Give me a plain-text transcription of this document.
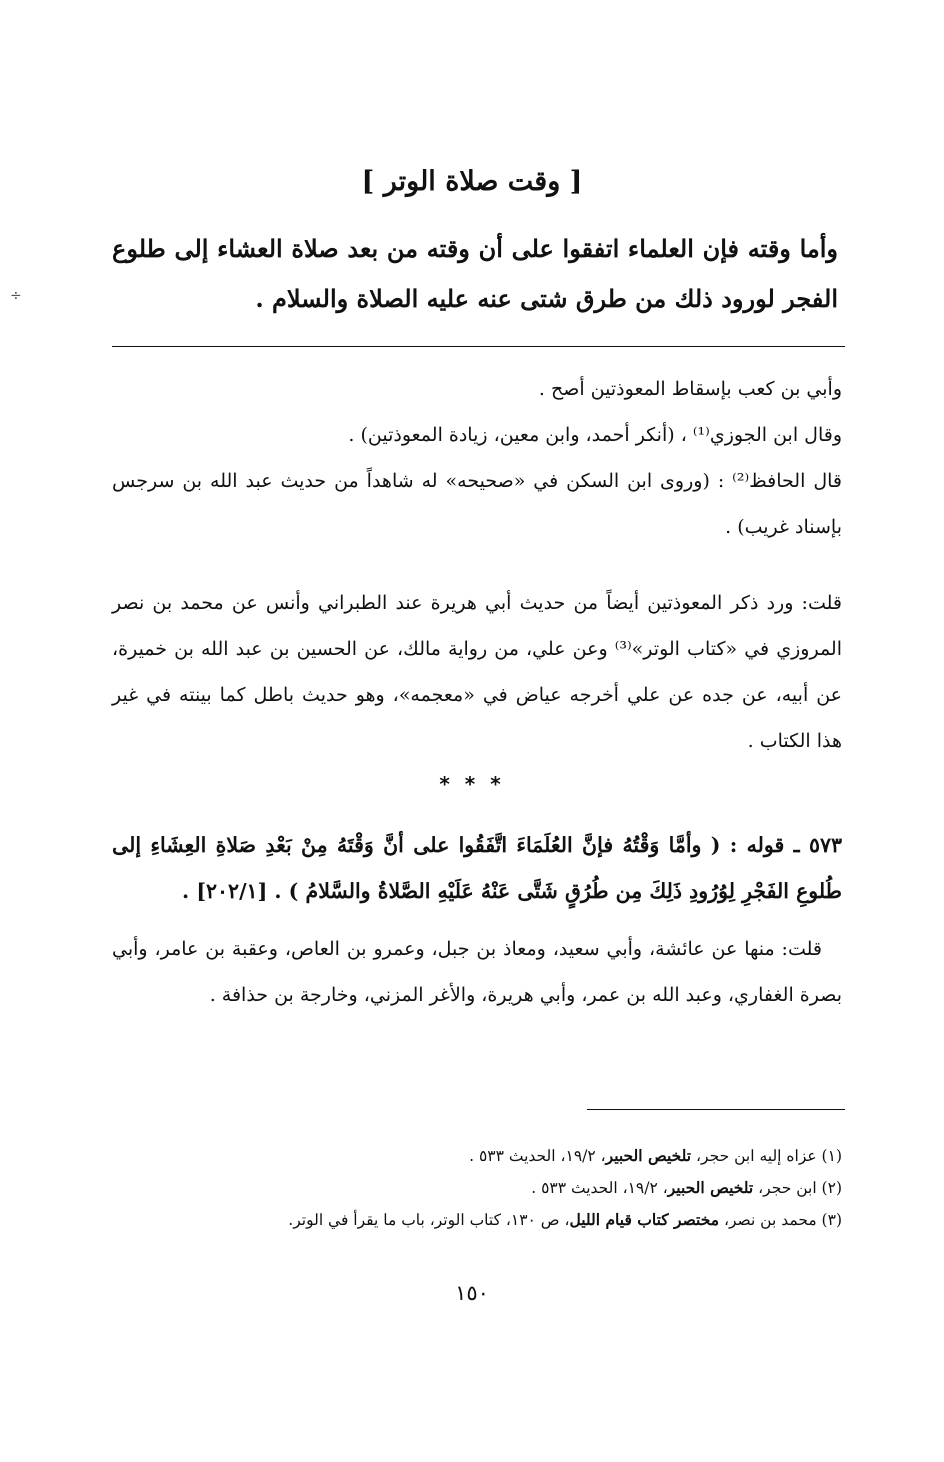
[ وقت صلاة الوتر ]
وأما وقته فإن العلماء اتفقوا على أن وقته من بعد صلاة العشاء إلى طلوع الفجر لورود ذلك من طرق شتى عنه عليه الصلاة والسلام .

وأبي بن كعب بإسقاط المعوذتين أصح .

وقال ابن الجوزي⁽¹⁾ ، (أنكر أحمد، وابن معين، زيادة المعوذتين) .

قال الحافظ⁽²⁾ : (وروى ابن السكن في «صحيحه» له شاهداً من حديث عبد الله بن سرجس بإسناد غريب) .

قلت: ورد ذكر المعوذتين أيضاً من حديث أبي هريرة عند الطبراني وأنس عن محمد بن نصر المروزي في «كتاب الوتر»⁽³⁾ وعن علي، من رواية مالك، عن الحسين بن عبد الله بن خميرة، عن أبيه، عن جده عن علي أخرجه عياض في «معجمه»، وهو حديث باطل كما بينته في غير هذا الكتاب .

* * *
٥٧٣ ـ قوله : ( وأمَّا وَقْتُهُ فإنَّ العُلَمَاءَ اتَّفَقُوا على أنَّ وَقْتَهُ مِنْ بَعْدِ صَلاةِ العِشَاءِ إلى طُلوعِ الفَجْرِ لِوُرُودِ ذَلِكَ مِن طُرُقٍ شَتَّى عَنْهُ عَلَيْهِ الصَّلاةُ والسَّلامُ ) . [٢٠٢/١] .

قلت: منها عن عائشة، وأبي سعيد، ومعاذ بن جبل، وعمرو بن العاص، وعقبة بن عامر، وأبي بصرة الغفاري، وعبد الله بن عمر، وأبي هريرة، والأغر المزني، وخارجة بن حذافة .

(١) عزاه إليه ابن حجر، تلخيص الحبير، ١٩/٢، الحديث ٥٣٣ .

(٢) ابن حجر، تلخيص الحبير، ١٩/٢، الحديث ٥٣٣ .

(٣) محمد بن نصر، مختصر كتاب قيام الليل، ص ١٣٠، كتاب الوتر، باب ما يقرأ في الوتر.

١٥٠
÷
